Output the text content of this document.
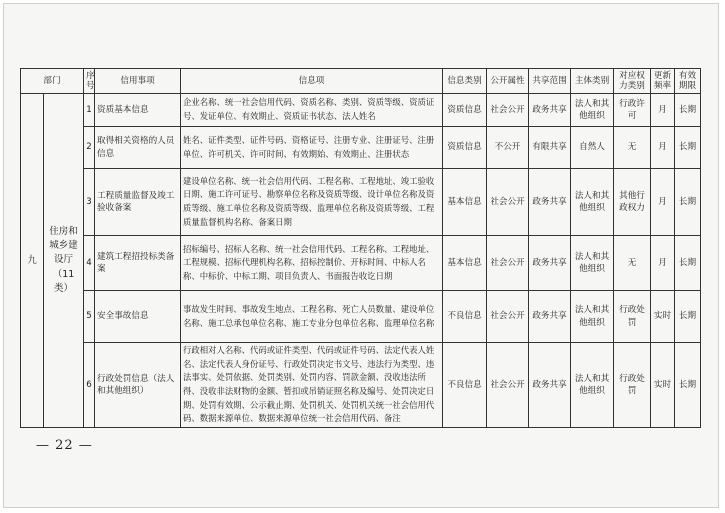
部门		序号	信用事项	信息项	信息类别	公开属性	共享范围	主体类别	对应权力类别	更新频率	有效期限
九	住房和城乡建设厅（11类）	1	资质基本信息	企业名称、统一社会信用代码、资质名称、类别、资质等级、资质证号、发证单位、有效期止、资质证书状态、法人姓名	资质信息	社会公开	政务共享	法人和其他组织	行政许可	月	长期
		2	取得相关资格的人员信息	姓名、证件类型、证件号码、资格证号、注册专业、注册证号、注册单位、许可机关、许可时间、有效期始、有效期止、注册状态	资质信息	不公开	有限共享	自然人	无	月	长期
		3	工程质量监督及竣工验收备案	建设单位名称、统一社会信用代码、工程名称、工程地址、竣工验收日期、施工许可证号、勘察单位名称及资质等级、设计单位名称及资质等级、施工单位名称及资质等级、监理单位名称及资质等级、工程质量监督机构名称、备案日期	基本信息	社会公开	政务共享	法人和其他组织	其他行政权力	月	长期
		4	建筑工程招投标类备案	招标编号、招标人名称、统一社会信用代码、工程名称、工程地址、工程规模、招标代理机构名称、招标控制价、开标时间、中标人名称、中标价、中标工期、项目负责人、书面报告收讫日期	基本信息	社会公开	政务共享	法人和其他组织	无	月	长期
		5	安全事故信息	事故发生时间、事故发生地点、工程名称、死亡人员数量、建设单位名称、施工总承包单位名称、施工专业分包单位名称、监理单位名称	不良信息	社会公开	政务共享	法人和其他组织	行政处罚	实时	长期
		6	行政处罚信息（法人和其他组织）	行政相对人名称、代码或证件类型、代码或证件号码、法定代表人姓名、法定代表人身份证号、行政处罚决定书文号、违法行为类型、违法事实、处罚依据、处罚类别、处罚内容、罚款金额、没收违法所得、没收非法财物的金额、暂扣或吊销证照名称及编号、处罚决定日期、处罚有效期、公示截止期、处罚机关、处罚机关统一社会信用代码、数据来源单位、数据来源单位统一社会信用代码、备注	不良信息	社会公开	政务共享	法人和其他组织	行政处罚	实时	长期
— 22 —
